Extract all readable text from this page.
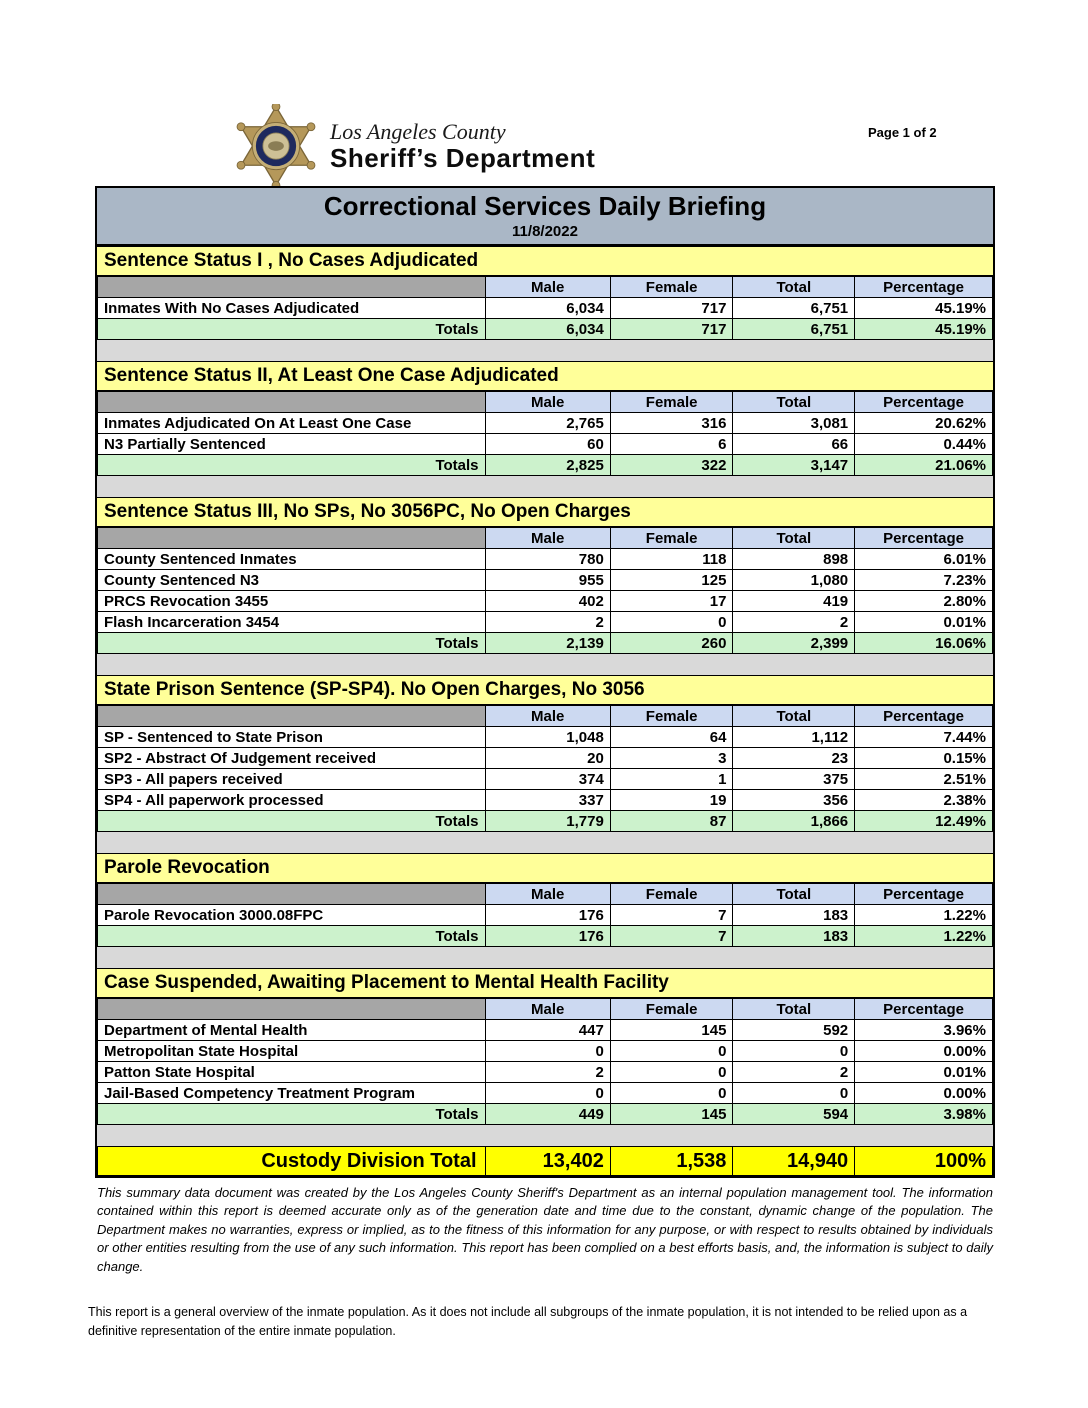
Los Angeles County
Sheriff’s Department
Page 1 of 2
Correctional Services Daily Briefing
11/8/2022
Sentence Status I , No Cases Adjudicated
	Male	Female	Total	Percentage
Inmates With No Cases Adjudicated	6,034	717	6,751	45.19%
Totals	6,034	717	6,751	45.19%
Sentence Status II, At Least One Case Adjudicated
	Male	Female	Total	Percentage
Inmates Adjudicated On At Least One Case	2,765	316	3,081	20.62%
N3 Partially Sentenced	60	6	66	0.44%
Totals	2,825	322	3,147	21.06%
Sentence Status III, No SPs, No 3056PC, No Open Charges
	Male	Female	Total	Percentage
County Sentenced Inmates	780	118	898	6.01%
County Sentenced N3	955	125	1,080	7.23%
PRCS Revocation 3455	402	17	419	2.80%
Flash Incarceration 3454	2	0	2	0.01%
Totals	2,139	260	2,399	16.06%
State Prison Sentence (SP-SP4). No Open Charges, No 3056
	Male	Female	Total	Percentage
SP - Sentenced to State Prison	1,048	64	1,112	7.44%
SP2 - Abstract Of Judgement received	20	3	23	0.15%
SP3 - All papers received	374	1	375	2.51%
SP4 - All paperwork processed	337	19	356	2.38%
Totals	1,779	87	1,866	12.49%
Parole Revocation
	Male	Female	Total	Percentage
Parole Revocation 3000.08FPC	176	7	183	1.22%
Totals	176	7	183	1.22%
Case Suspended, Awaiting Placement to Mental Health Facility
	Male	Female	Total	Percentage
Department of Mental Health	447	145	592	3.96%
Metropolitan State Hospital	0	0	0	0.00%
Patton State Hospital	2	0	2	0.01%
Jail-Based Competency Treatment Program	0	0	0	0.00%
Totals	449	145	594	3.98%
Custody Division Total	13,402	1,538	14,940	100%

This summary data document was created by the Los Angeles County Sheriff's Department as an internal population management tool. The information contained within this report is deemed accurate only as of the generation date and time due to the constant, dynamic change of the population. The Department makes no warranties, express or implied, as to the fitness of this information for any purpose, or with respect to results obtained by individuals or other entities resulting from the use of any such information. This report has been complied on a best efforts basis, and, the information is subject to daily change.

This report is a general overview of the inmate population. As it does not include all subgroups of the inmate population, it is not intended to be relied upon as a definitive representation of the entire inmate population.
